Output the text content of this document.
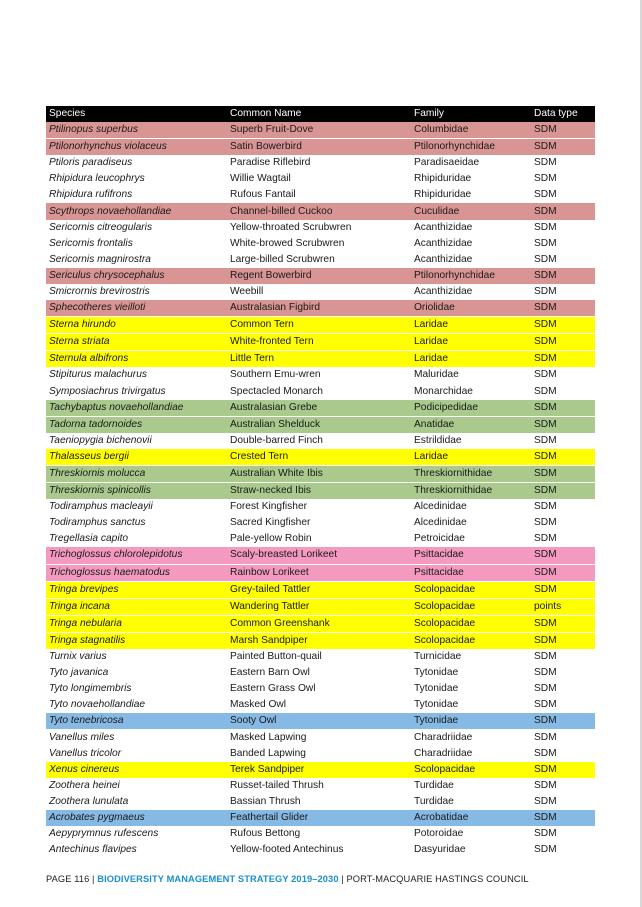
Species	Common Name	Family	Data type
Ptilinopus superbus	Superb Fruit-Dove	Columbidae	SDM
Ptilonorhynchus violaceus	Satin Bowerbird	Ptilonorhynchidae	SDM
Ptiloris paradiseus	Paradise Riflebird	Paradisaeidae	SDM
Rhipidura leucophrys	Willie Wagtail	Rhipiduridae	SDM
Rhipidura rufifrons	Rufous Fantail	Rhipiduridae	SDM
Scythrops novaehollandiae	Channel-billed Cuckoo	Cuculidae	SDM
Sericornis citreogularis	Yellow-throated Scrubwren	Acanthizidae	SDM
Sericornis frontalis	White-browed Scrubwren	Acanthizidae	SDM
Sericornis magnirostra	Large-billed Scrubwren	Acanthizidae	SDM
Sericulus chrysocephalus	Regent Bowerbird	Ptilonorhynchidae	SDM
Smicrornis brevirostris	Weebill	Acanthizidae	SDM
Sphecotheres vieilloti	Australasian Figbird	Oriolidae	SDM
Sterna hirundo	Common Tern	Laridae	SDM
Sterna striata	White-fronted Tern	Laridae	SDM
Sternula albifrons	Little Tern	Laridae	SDM
Stipiturus malachurus	Southern Emu-wren	Maluridae	SDM
Symposiachrus trivirgatus	Spectacled Monarch	Monarchidae	SDM
Tachybaptus novaehollandiae	Australasian Grebe	Podicipedidae	SDM
Tadorna tadornoides	Australian Shelduck	Anatidae	SDM
Taeniopygia bichenovii	Double-barred Finch	Estrildidae	SDM
Thalasseus bergii	Crested Tern	Laridae	SDM
Threskiornis molucca	Australian White Ibis	Threskiornithidae	SDM
Threskiornis spinicollis	Straw-necked Ibis	Threskiornithidae	SDM
Todiramphus macleayii	Forest Kingfisher	Alcedinidae	SDM
Todiramphus sanctus	Sacred Kingfisher	Alcedinidae	SDM
Tregellasia capito	Pale-yellow Robin	Petroicidae	SDM
Trichoglossus chlorolepidotus	Scaly-breasted Lorikeet	Psittacidae	SDM
Trichoglossus haematodus	Rainbow Lorikeet	Psittacidae	SDM
Tringa brevipes	Grey-tailed Tattler	Scolopacidae	SDM
Tringa incana	Wandering Tattler	Scolopacidae	points
Tringa nebularia	Common Greenshank	Scolopacidae	SDM
Tringa stagnatilis	Marsh Sandpiper	Scolopacidae	SDM
Turnix varius	Painted Button-quail	Turnicidae	SDM
Tyto javanica	Eastern Barn Owl	Tytonidae	SDM
Tyto longimembris	Eastern Grass Owl	Tytonidae	SDM
Tyto novaehollandiae	Masked Owl	Tytonidae	SDM
Tyto tenebricosa	Sooty Owl	Tytonidae	SDM
Vanellus miles	Masked Lapwing	Charadriidae	SDM
Vanellus tricolor	Banded Lapwing	Charadriidae	SDM
Xenus cinereus	Terek Sandpiper	Scolopacidae	SDM
Zoothera heinei	Russet-tailed Thrush	Turdidae	SDM
Zoothera lunulata	Bassian Thrush	Turdidae	SDM
Acrobates pygmaeus	Feathertail Glider	Acrobatidae	SDM
Aepyprymnus rufescens	Rufous Bettong	Potoroidae	SDM
Antechinus flavipes	Yellow-footed Antechinus	Dasyuridae	SDM
PAGE 116 | BIODIVERSITY MANAGEMENT STRATEGY 2019–2030 | PORT-MACQUARIE HASTINGS COUNCIL
